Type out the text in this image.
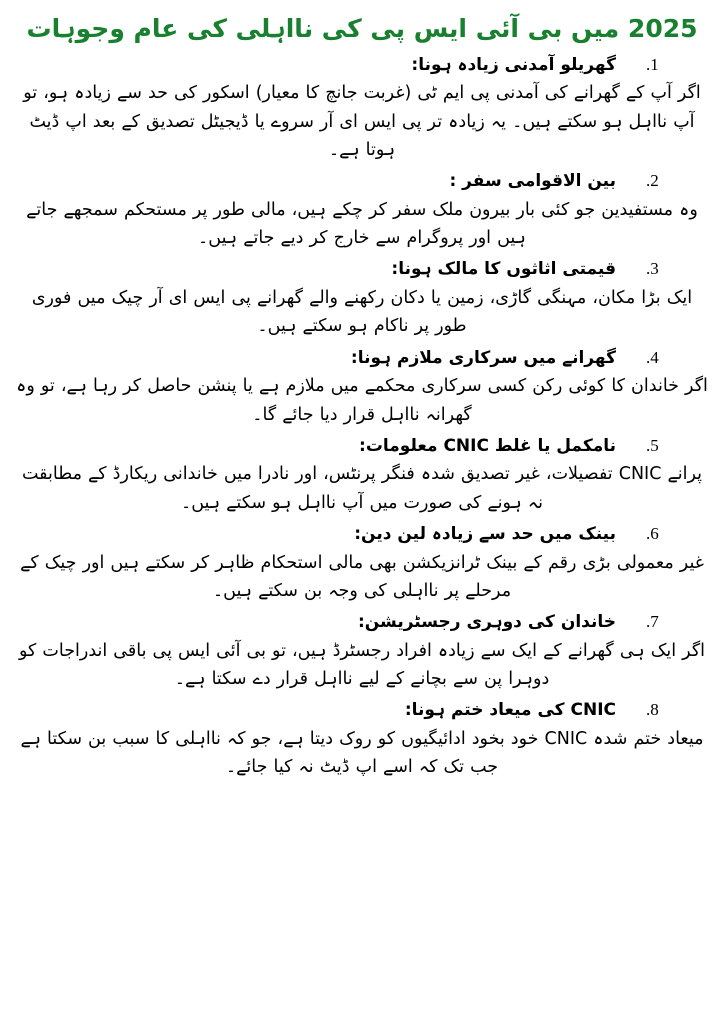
2025 میں بی آئی ایس پی کی نااہلی کی عام وجوہات
.1
گھریلو آمدنی زیادہ ہونا:

اگر آپ کے گھرانے کی آمدنی پی ایم ٹی (غربت جانچ کا معیار) اسکور کی حد سے زیادہ ہو، تو آپ نااہل ہو سکتے ہیں۔ یہ زیادہ تر پی ایس ای آر سروے یا ڈیجیٹل تصدیق کے بعد اپ ڈیٹ ہوتا ہے۔

.2
بین الاقوامی سفر :

وہ مستفیدین جو کئی بار بیرون ملک سفر کر چکے ہیں، مالی طور پر مستحکم سمجھے جاتے ہیں اور پروگرام سے خارج کر دیے جاتے ہیں۔

.3
قیمتی اثاثوں کا مالک ہونا:

ایک بڑا مکان، مہنگی گاڑی، زمین یا دکان رکھنے والے گھرانے پی ایس ای آر چیک میں فوری طور پر ناکام ہو سکتے ہیں۔

.4
گھرانے میں سرکاری ملازم ہونا:

اگر خاندان کا کوئی رکن کسی سرکاری محکمے میں ملازم ہے یا پنشن حاصل کر رہا ہے، تو وہ گھرانہ نااہل قرار دیا جائے گا۔

.5
نامکمل یا غلط CNIC معلومات:

پرانے CNIC تفصیلات، غیر تصدیق شدہ فنگر پرنٹس، اور نادرا میں خاندانی ریکارڈ کے مطابقت نہ ہونے کی صورت میں آپ نااہل ہو سکتے ہیں۔

.6
بینک میں حد سے زیادہ لین دین:

غیر معمولی بڑی رقم کے بینک ٹرانزیکشن بھی مالی استحکام ظاہر کر سکتے ہیں اور چیک کے مرحلے پر نااہلی کی وجہ بن سکتے ہیں۔

.7
خاندان کی دوہری رجسٹریشن:

اگر ایک ہی گھرانے کے ایک سے زیادہ افراد رجسٹرڈ ہیں، تو بی آئی ایس پی باقی اندراجات کو دوہرا پن سے بچانے کے لیے نااہل قرار دے سکتا ہے۔

.8
CNIC کی میعاد ختم ہونا:

میعاد ختم شدہ CNIC خود بخود ادائیگیوں کو روک دیتا ہے، جو کہ نااہلی کا سبب بن سکتا ہے جب تک کہ اسے اپ ڈیٹ نہ کیا جائے۔
